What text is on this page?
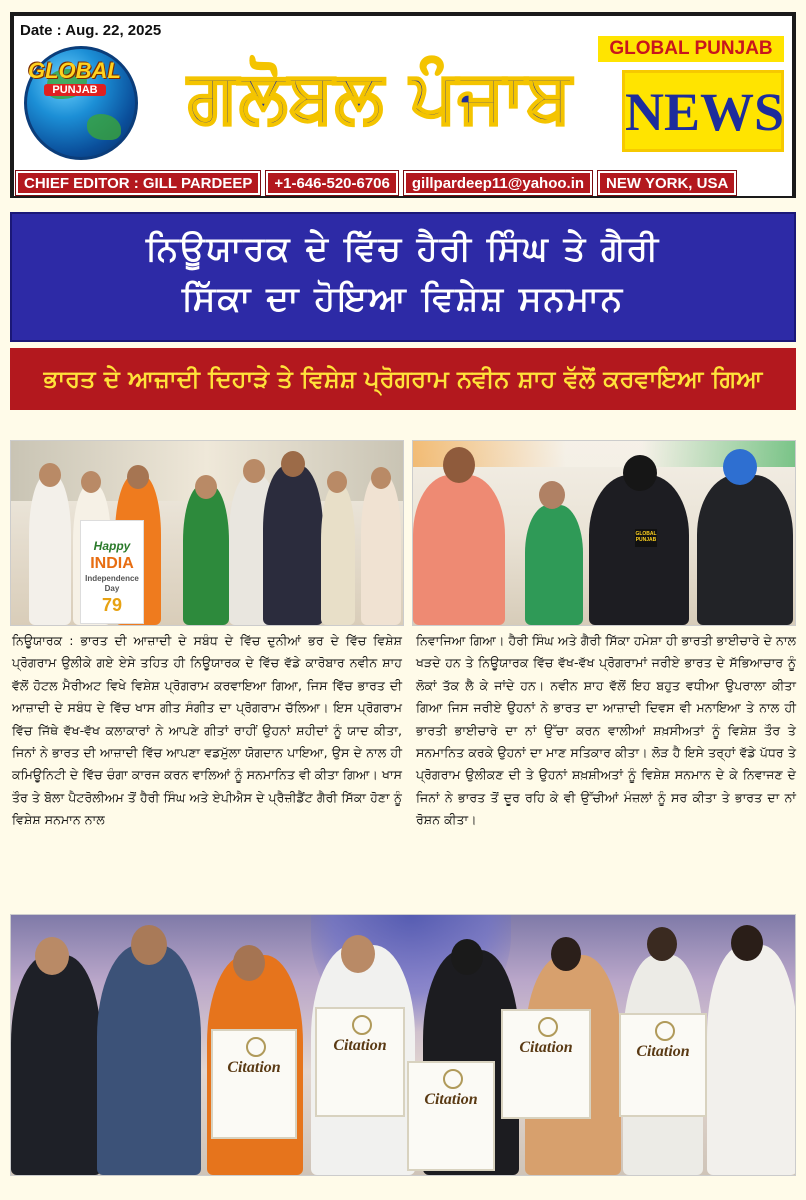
Date : Aug. 22, 2025
GLOBAL
PUNJAB	ਗਲੋਬਲ ਪੰਜਾਬ
GLOBAL PUNJAB
NEWS
CHIEF EDITOR : GILL PARDEEP	+1-646-520-6706	gillpardeep11@yahoo.in	NEW YORK, USA
ਨਿਊਯਾਰਕ ਦੇ ਵਿੱਚ ਹੈਰੀ ਸਿੰਘ ਤੇ ਗੈਰੀ
ਸਿੱਕਾ ਦਾ ਹੋਇਆ ਵਿਸ਼ੇਸ਼ ਸਨਮਾਨ
ਭਾਰਤ ਦੇ ਆਜ਼ਾਦੀ ਦਿਹਾੜੇ ਤੇ ਵਿਸ਼ੇਸ਼ ਪ੍ਰੋਗਰਾਮ ਨਵੀਨ ਸ਼ਾਹ ਵੱਲੋਂ ਕਰਵਾਇਆ ਗਿਆ
Happy
INDIA
Independence Day
79
GLOBAL PUNJAB
ਨਿਊਯਾਰਕ : ਭਾਰਤ ਦੀ ਆਜ਼ਾਦੀ ਦੇ ਸਬੰਧ ਦੇ ਵਿੱਚ ਦੁਨੀਆਂ ਭਰ ਦੇ ਵਿੱਚ ਵਿਸ਼ੇਸ਼ ਪ੍ਰੋਗਰਾਮ ਉਲੀਕੇ ਗਏ ਏਸੇ ਤਹਿਤ ਹੀ ਨਿਊਯਾਰਕ ਦੇ ਵਿੱਚ ਵੱਡੇ ਕਾਰੋਬਾਰ ਨਵੀਨ ਸ਼ਾਹ ਵੱਲੋਂ ਹੋਟਲ ਮੈਰੀਅਟ ਵਿਖੇ ਵਿਸ਼ੇਸ਼ ਪ੍ਰੋਗਰਾਮ ਕਰਵਾਇਆ ਗਿਆ, ਜਿਸ ਵਿੱਚ ਭਾਰਤ ਦੀ ਆਜ਼ਾਦੀ ਦੇ ਸਬੰਧ ਦੇ ਵਿੱਚ ਖਾਸ ਗੀਤ ਸੰਗੀਤ ਦਾ ਪ੍ਰੋਗਰਾਮ ਚੱਲਿਆ। ਇਸ ਪ੍ਰੋਗਰਾਮ ਵਿੱਚ ਜਿੱਥੇ ਵੱਖ-ਵੱਖ ਕਲਾਕਾਰਾਂ ਨੇ ਆਪਣੇ ਗੀਤਾਂ ਰਾਹੀਂ ਉਹਨਾਂ ਸ਼ਹੀਦਾਂ ਨੂੰ ਯਾਦ ਕੀਤਾ, ਜਿਨਾਂ ਨੇ ਭਾਰਤ ਦੀ ਆਜ਼ਾਦੀ ਵਿੱਚ ਆਪਣਾ ਵਡਮੁੱਲਾ ਯੋਗਦਾਨ ਪਾਇਆ, ਉਸ ਦੇ ਨਾਲ ਹੀ ਕਮਿਊਨਿਟੀ ਦੇ ਵਿੱਚ ਚੰਗਾ ਕਾਰਜ ਕਰਨ ਵਾਲਿਆਂ ਨੂੰ ਸਨਮਾਨਿਤ ਵੀ ਕੀਤਾ ਗਿਆ। ਖਾਸ ਤੌਰ ਤੇ ਬੋਲਾ ਪੈਟਰੋਲੀਅਮ ਤੋਂ ਹੈਰੀ ਸਿੰਘ ਅਤੇ ਏਪੀਐਸ ਦੇ ਪ੍ਰੈਜ਼ੀਡੈਂਟ ਗੈਰੀ ਸਿੱਕਾ ਹੋਣਾ ਨੂੰ ਵਿਸ਼ੇਸ਼ ਸਨਮਾਨ ਨਾਲ
ਨਿਵਾਜਿਆ ਗਿਆ। ਹੈਰੀ ਸਿੰਘ ਅਤੇ ਗੈਰੀ ਸਿੱਕਾ ਹਮੇਸ਼ਾ ਹੀ ਭਾਰਤੀ ਭਾਈਚਾਰੇ ਦੇ ਨਾਲ ਖੜਦੇ ਹਨ ਤੇ ਨਿਊਯਾਰਕ ਵਿੱਚ ਵੱਖ-ਵੱਖ ਪ੍ਰੋਗਰਾਮਾਂ ਜਰੀਏ ਭਾਰਤ ਦੇ ਸੱਭਿਆਚਾਰ ਨੂੰ ਲੋਕਾਂ ਤੱਕ ਲੈ ਕੇ ਜਾਂਦੇ ਹਨ। ਨਵੀਨ ਸ਼ਾਹ ਵੱਲੋਂ ਇਹ ਬਹੁਤ ਵਧੀਆ ਉਪਰਾਲਾ ਕੀਤਾ ਗਿਆ ਜਿਸ ਜਰੀਏ ਉਹਨਾਂ ਨੇ ਭਾਰਤ ਦਾ ਆਜ਼ਾਦੀ ਦਿਵਸ ਵੀ ਮਨਾਇਆ ਤੇ ਨਾਲ ਹੀ ਭਾਰਤੀ ਭਾਈਚਾਰੇ ਦਾ ਨਾਂ ਉੱਚਾ ਕਰਨ ਵਾਲੀਆਂ ਸ਼ਖ਼ਸੀਅਤਾਂ ਨੂੰ ਵਿਸ਼ੇਸ਼ ਤੌਰ ਤੇ ਸਨਮਾਨਿਤ ਕਰਕੇ ਉਹਨਾਂ ਦਾ ਮਾਣ ਸਤਿਕਾਰ ਕੀਤਾ। ਲੋੜ ਹੈ ਇਸੇ ਤਰ੍ਹਾਂ ਵੱਡੇ ਪੱਧਰ ਤੇ ਪ੍ਰੋਗਰਾਮ ਉਲੀਕਣ ਦੀ ਤੇ ਉਹਨਾਂ ਸ਼ਖ਼ਸ਼ੀਅਤਾਂ ਨੂੰ ਵਿਸ਼ੇਸ਼ ਸਨਮਾਨ ਦੇ ਕੇ ਨਿਵਾਜਣ ਦੇ ਜਿਨਾਂ ਨੇ ਭਾਰਤ ਤੋਂ ਦੂਰ ਰਹਿ ਕੇ ਵੀ ਉੱਚੀਆਂ ਮੰਜ਼ਲਾਂ ਨੂੰ ਸਰ ਕੀਤਾ ਤੇ ਭਾਰਤ ਦਾ ਨਾਂ ਰੋਸ਼ਨ ਕੀਤਾ।
Citation
Citation
Citation
Citation	Citation
